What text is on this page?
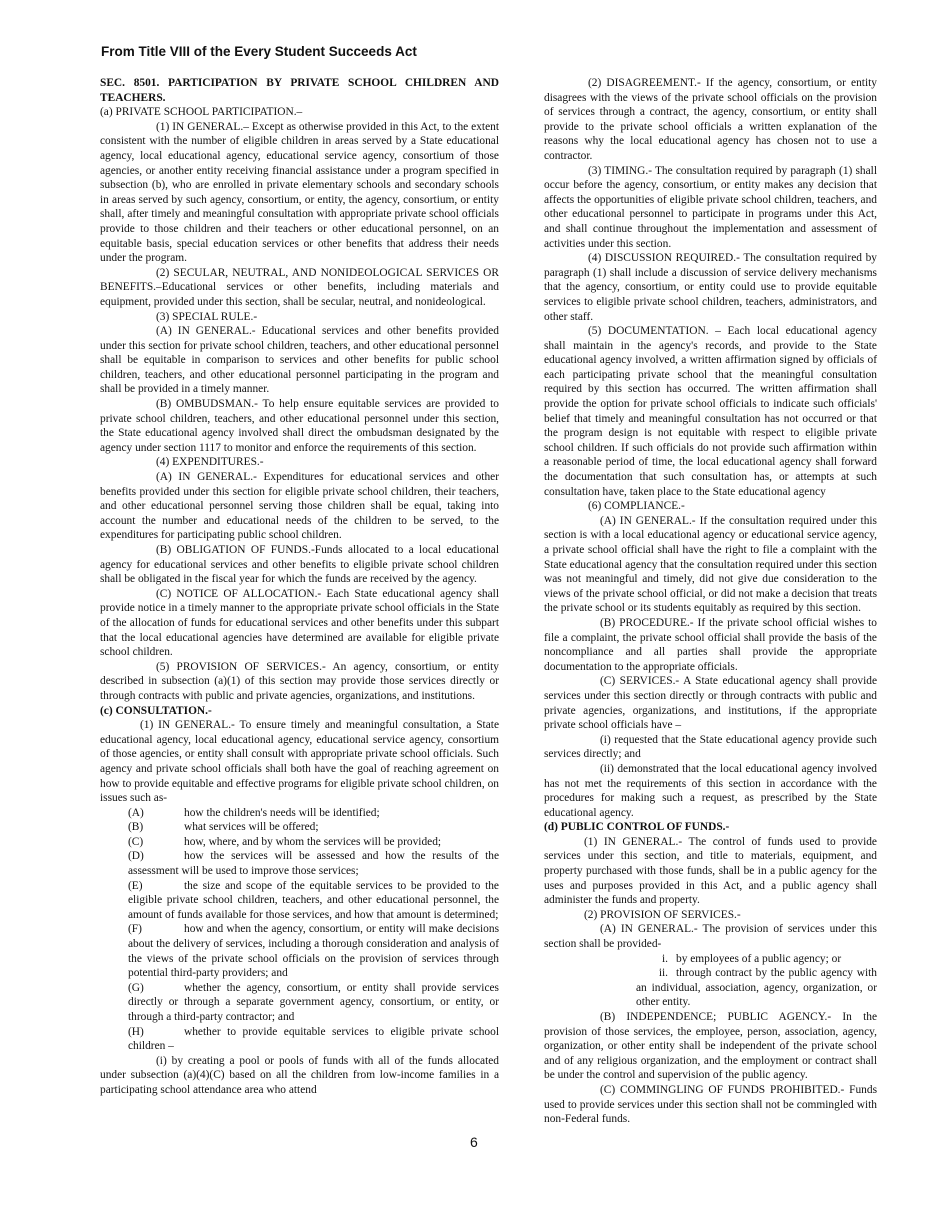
From Title VIII of the Every Student Succeeds Act

SEC. 8501. PARTICIPATION BY PRIVATE SCHOOL CHILDREN AND TEACHERS.

(a) PRIVATE SCHOOL PARTICIPATION.–

(1) IN GENERAL.– Except as otherwise provided in this Act, to the extent consistent with the number of eligible children in areas served by a State educational agency, local educational agency, educational service agency, consortium of those agencies, or another entity receiving financial assistance under a program specified in subsection (b), who are enrolled in private elementary schools and secondary schools in areas served by such agency, consortium, or entity, the agency, consortium, or entity shall, after timely and meaningful consultation with appropriate private school officials provide to those children and their teachers or other educational personnel, on an equitable basis, special education services or other benefits that address their needs under the program.

(2) SECULAR, NEUTRAL, AND NONIDEOLOGICAL SERVICES OR BENEFITS.–Educational services or other benefits, including materials and equipment, provided under this section, shall be secular, neutral, and nonideological.

(3) SPECIAL RULE.-

(A) IN GENERAL.- Educational services and other benefits provided under this section for private school children, teachers, and other educational personnel shall be equitable in comparison to services and other benefits for public school children, teachers, and other educational personnel participating in the program and shall be provided in a timely manner.

(B) OMBUDSMAN.- To help ensure equitable services are provided to private school children, teachers, and other educational personnel under this section, the State educational agency involved shall direct the ombudsman designated by the agency under section 1117 to monitor and enforce the requirements of this section.

(4) EXPENDITURES.-

(A) IN GENERAL.- Expenditures for educational services and other benefits provided under this section for eligible private school children, their teachers, and other educational personnel serving those children shall be equal, taking into account the number and educational needs of the children to be served, to the expenditures for participating public school children.

(B) OBLIGATION OF FUNDS.-Funds allocated to a local educational agency for educational services and other benefits to eligible private school children shall be obligated in the fiscal year for which the funds are received by the agency.

(C) NOTICE OF ALLOCATION.- Each State educational agency shall provide notice in a timely manner to the appropriate private school officials in the State of the allocation of funds for educational services and other benefits under this subpart that the local educational agencies have determined are available for eligible private school children.

(5) PROVISION OF SERVICES.- An agency, consortium, or entity described in subsection (a)(1) of this section may provide those services directly or through contracts with public and private agencies, organizations, and institutions.

(c) CONSULTATION.-

(1) IN GENERAL.- To ensure timely and meaningful consultation, a State educational agency, local educational agency, educational service agency, consortium of those agencies, or entity shall consult with appropriate private school officials. Such agency and private school officials shall both have the goal of reaching agreement on how to provide equitable and effective programs for eligible private school children, on issues such as-

(A)	how the children's needs will be identified;

(B)	what services will be offered;

(C)	how, where, and by whom the services will be provided;

(D)	how the services will be assessed and how the results of the assessment will be used to improve those services;

(E)	the size and scope of the equitable services to be provided to the eligible private school children, teachers, and other educational personnel, the amount of funds available for those services, and how that amount is determined;

(F)	how and when the agency, consortium, or entity will make decisions about the delivery of services, including a thorough consideration and analysis of the views of the private school officials on the provision of services through potential third-party providers; and

(G)	whether the agency, consortium, or entity shall provide services directly or through a separate government agency, consortium, or entity, or through a third-party contractor; and

(H)	whether to provide equitable services to eligible private school children –

(i) by creating a pool or pools of funds with all of the funds allocated under subsection (a)(4)(C) based on all the children from low-income families in a participating school attendance area who attend

(2) DISAGREEMENT.- If the agency, consortium, or entity disagrees with the views of the private school officials on the provision of services through a contract, the agency, consortium, or entity shall provide to the private school officials a written explanation of the reasons why the local educational agency has chosen not to use a contractor.

(3) TIMING.- The consultation required by paragraph (1) shall occur before the agency, consortium, or entity makes any decision that affects the opportunities of eligible private school children, teachers, and other educational personnel to participate in programs under this Act, and shall continue throughout the implementation and assessment of activities under this section.

(4) DISCUSSION REQUIRED.- The consultation required by paragraph (1) shall include a discussion of service delivery mechanisms that the agency, consortium, or entity could use to provide equitable services to eligible private school children, teachers, administrators, and other staff.

(5) DOCUMENTATION. – Each local educational agency shall maintain in the agency's records, and provide to the State educational agency involved, a written affirmation signed by officials of each participating private school that the meaningful consultation required by this section has occurred. The written affirmation shall provide the option for private school officials to indicate such officials' belief that timely and meaningful consultation has not occurred or that the program design is not equitable with respect to eligible private school children. If such officials do not provide such affirmation within a reasonable period of time, the local educational agency shall forward the documentation that such consultation has, or attempts at such consultation have, taken place to the State educational agency

(6) COMPLIANCE.-

(A) IN GENERAL.- If the consultation required under this section is with a local educational agency or educational service agency, a private school official shall have the right to file a complaint with the State educational agency that the consultation required under this section was not meaningful and timely, did not give due consideration to the views of the private school official, or did not make a decision that treats the private school or its students equitably as required by this section.

(B) PROCEDURE.- If the private school official wishes to file a complaint, the private school official shall provide the basis of the noncompliance and all parties shall provide the appropriate documentation to the appropriate officials.

(C) SERVICES.- A State educational agency shall provide services under this section directly or through contracts with public and private agencies, organizations, and institutions, if the appropriate private school officials have –

(i) requested that the State educational agency provide such services directly; and

(ii) demonstrated that the local educational agency involved has not met the requirements of this section in accordance with the procedures for making such a request, as prescribed by the State educational agency.

(d) PUBLIC CONTROL OF FUNDS.-

(1) IN GENERAL.- The control of funds used to provide services under this section, and title to materials, equipment, and property purchased with those funds, shall be in a public agency for the uses and purposes provided in this Act, and a public agency shall administer the funds and property.

(2) PROVISION OF SERVICES.-

(A) IN GENERAL.- The provision of services under this section shall be provided-

i. by employees of a public agency; or

ii. through contract by the public agency with an individual, association, agency, organization, or other entity.

(B) INDEPENDENCE; PUBLIC AGENCY.- In the provision of those services, the employee, person, association, agency, organization, or other entity shall be independent of the private school and of any religious organization, and the employment or contract shall be under the control and supervision of the public agency.

(C) COMMINGLING OF FUNDS PROHIBITED.- Funds used to provide services under this section shall not be commingled with non-Federal funds.

6
